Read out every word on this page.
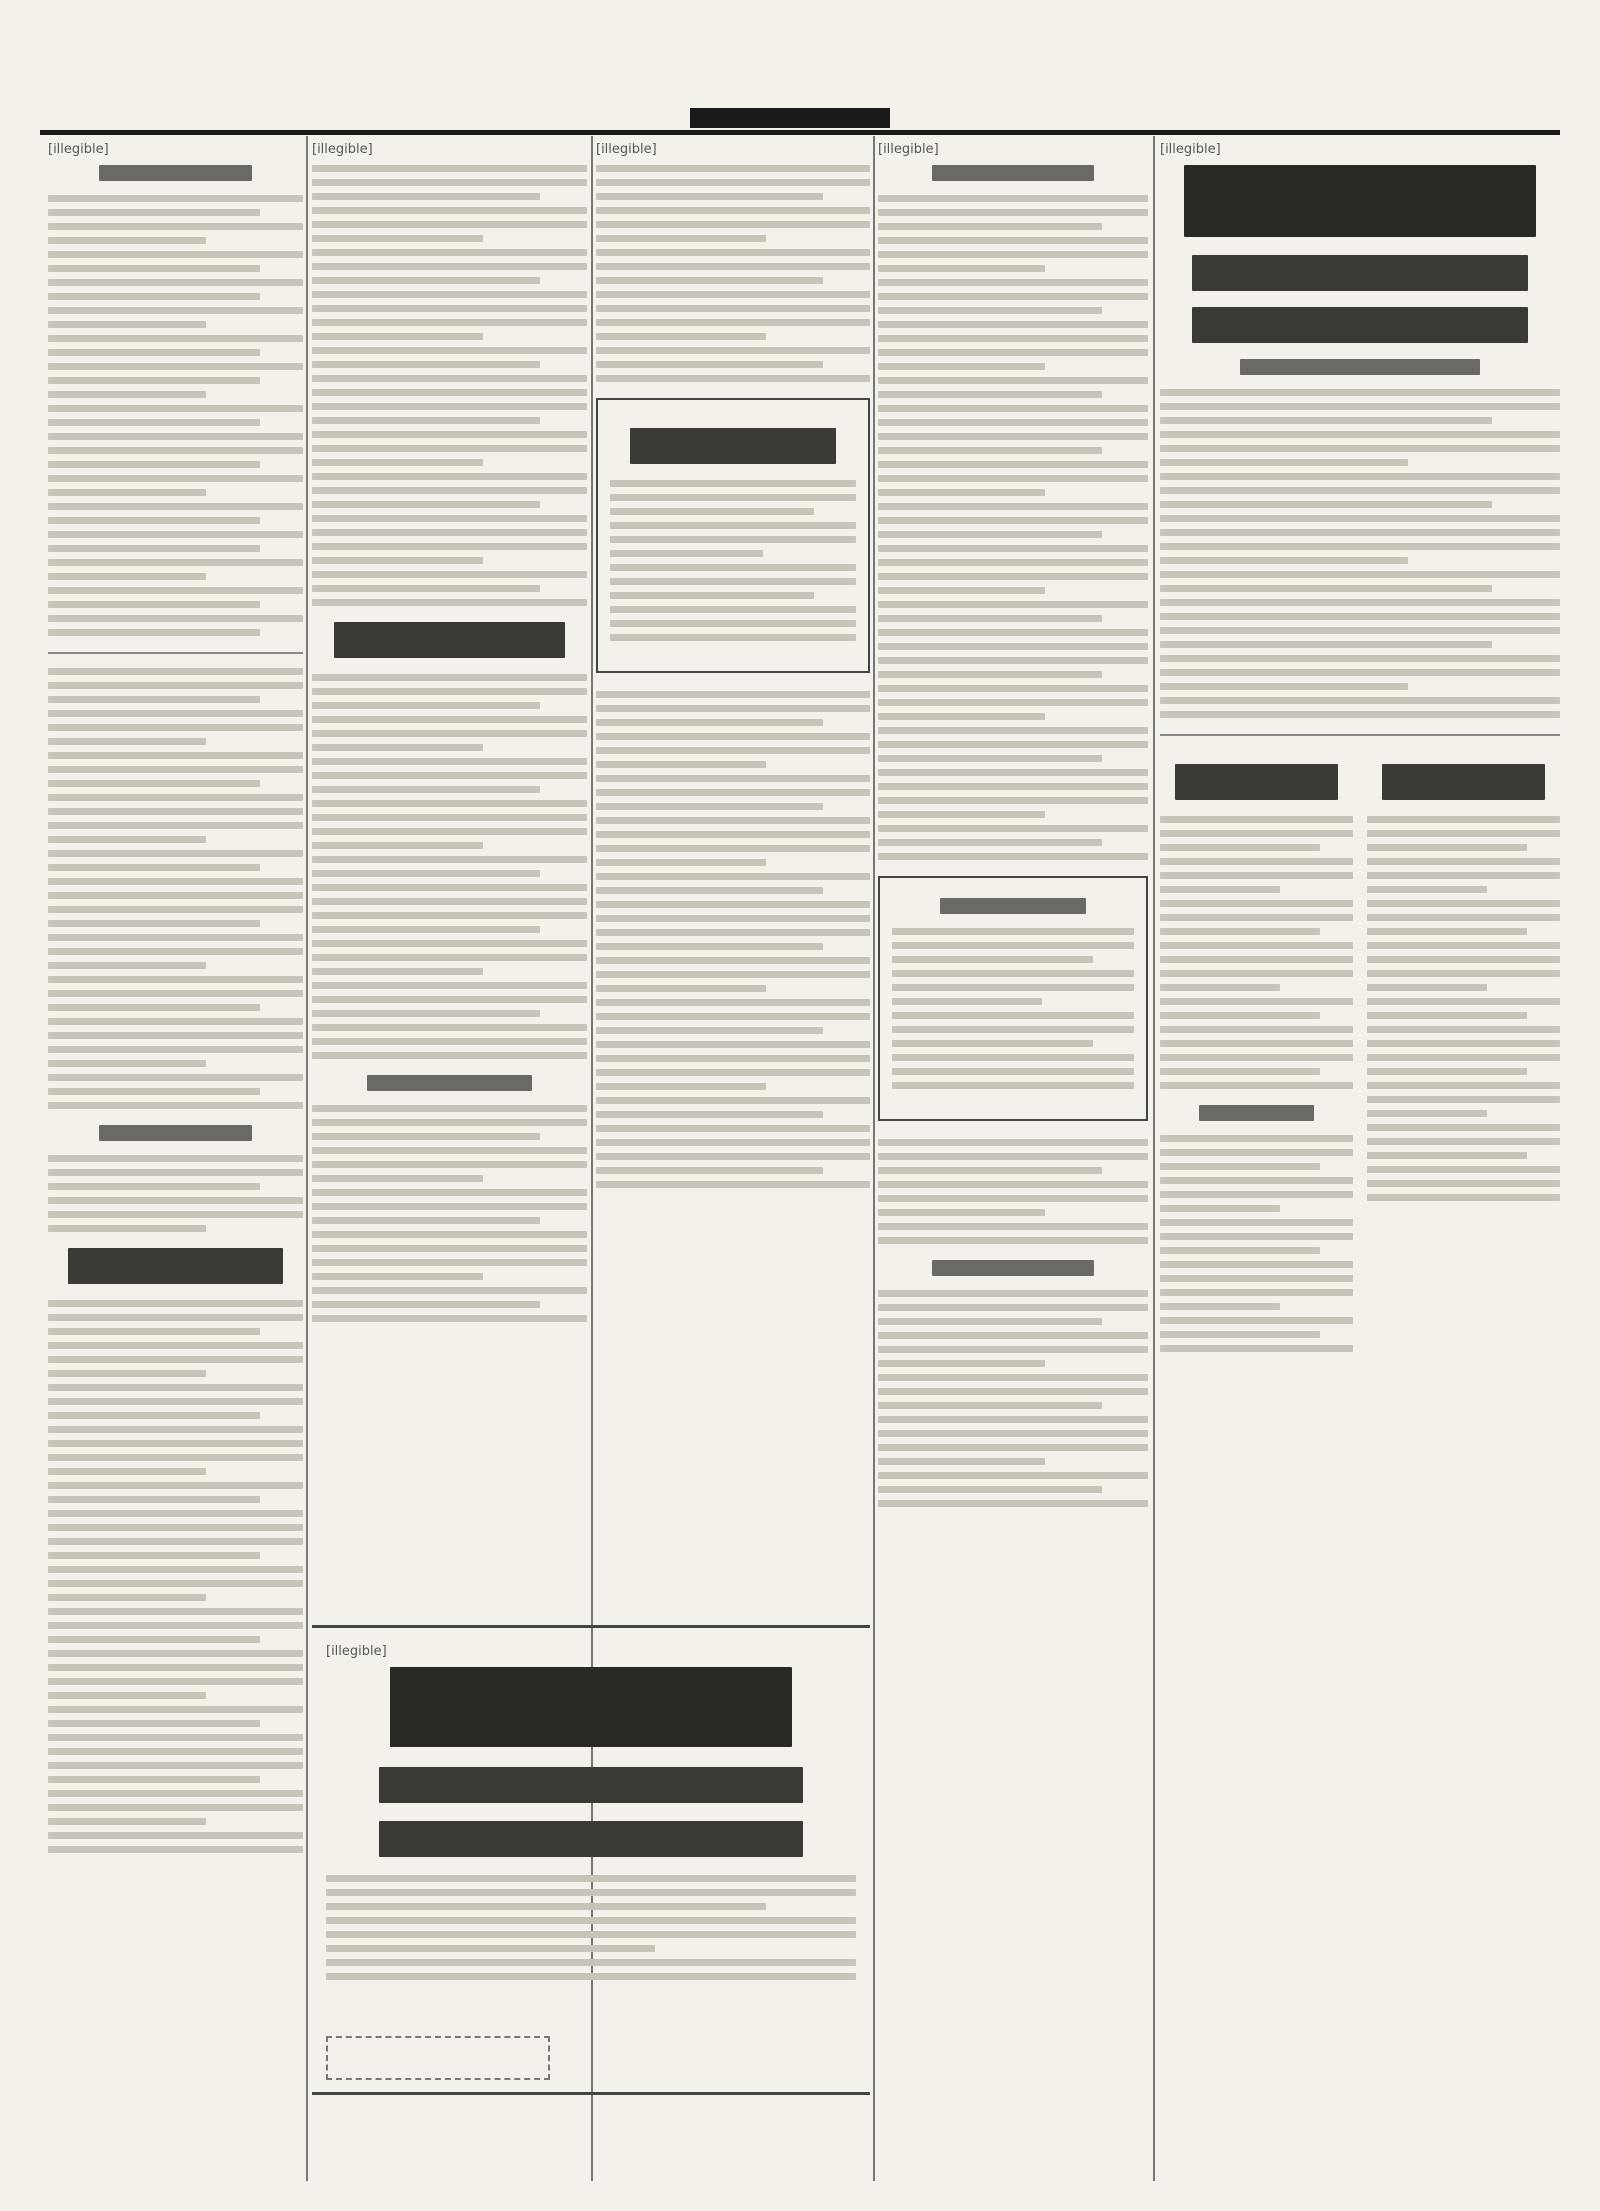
[illegible]	[illegible]	[illegible]	[illegible]	[illegible]
[illegible]
